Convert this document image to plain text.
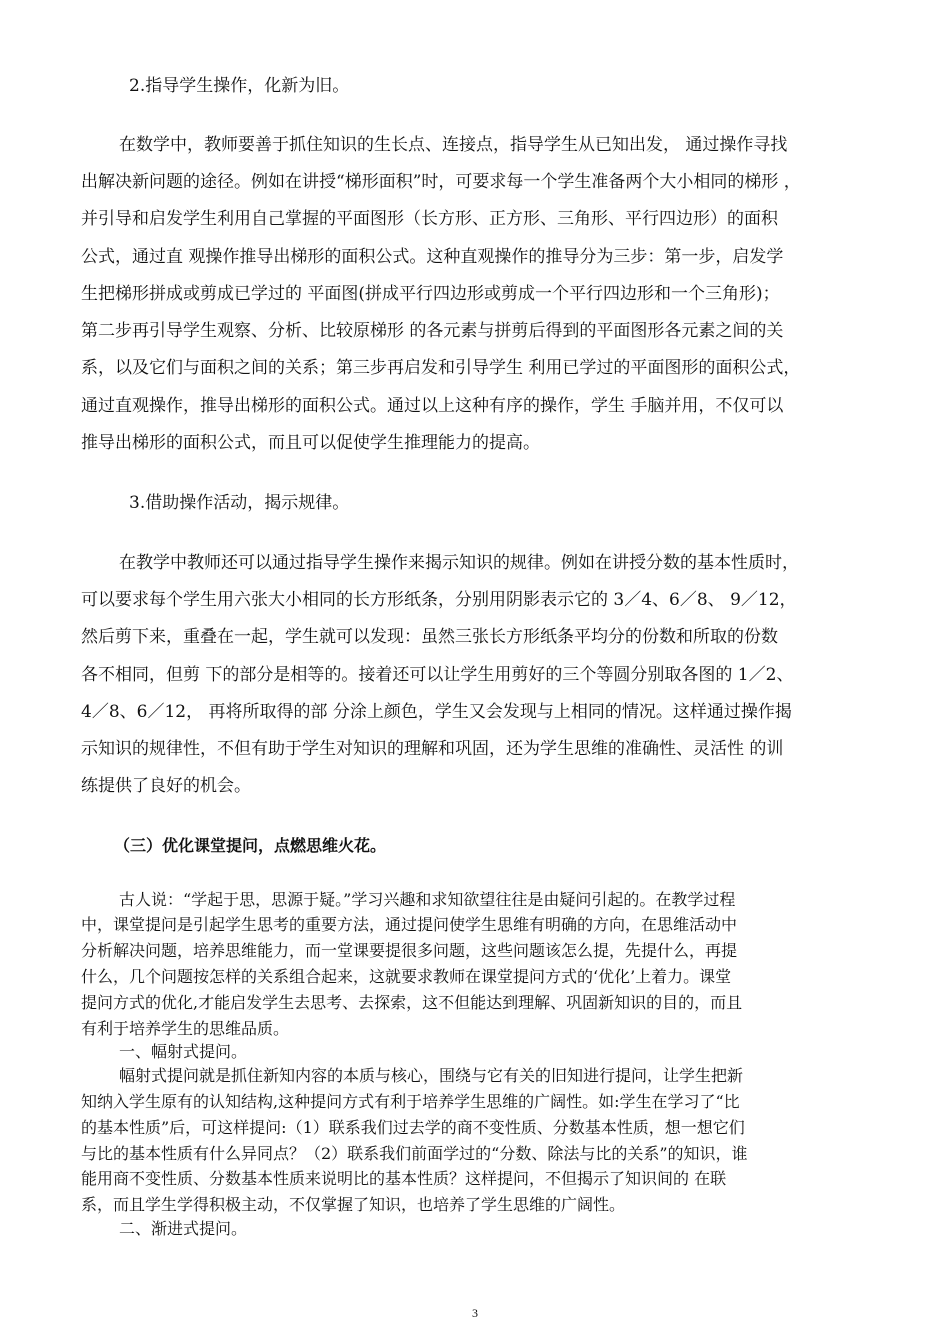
2.指导学生操作，化新为旧。
在数学中，教师要善于抓住知识的生长点、连接点，指导学生从已知出发， 通过操作寻找
出解决新问题的途径。例如在讲授“梯形面积”时，可要求每一个学生准备两个大小相同的梯形 ，
并引导和启发学生利用自己掌握的平面图形（长方形、正方形、三角形、平行四边形）的面积
公式，通过直 观操作推导出梯形的面积公式。这种直观操作的推导分为三步：第一步，启发学
生把梯形拼成或剪成已学过的 平面图(拼成平行四边形或剪成一个平行四边形和一个三角形)；
第二步再引导学生观察、分析、比较原梯形 的各元素与拼剪后得到的平面图形各元素之间的关
系，以及它们与面积之间的关系；第三步再启发和引导学生 利用已学过的平面图形的面积公式，
通过直观操作，推导出梯形的面积公式。通过以上这种有序的操作，学生 手脑并用，不仅可以
推导出梯形的面积公式，而且可以促使学生推理能力的提高。
3.借助操作活动，揭示规律。
在教学中教师还可以通过指导学生操作来揭示知识的规律。例如在讲授分数的基本性质时，
可以要求每个学生用六张大小相同的长方形纸条，分别用阴影表示它的 3／4、6／8、 9／12，
然后剪下来，重叠在一起，学生就可以发现：虽然三张长方形纸条平均分的份数和所取的份数
各不相同，但剪 下的部分是相等的。接着还可以让学生用剪好的三个等圆分别取各图的 1／2、
4／8、6／12， 再将所取得的部 分涂上颜色，学生又会发现与上相同的情况。这样通过操作揭
示知识的规律性，不但有助于学生对知识的理解和巩固，还为学生思维的准确性、灵活性 的训
练提供了良好的机会。
（三）优化课堂提问，点燃思维火花。
古人说：“学起于思，思源于疑。”学习兴趣和求知欲望往往是由疑问引起的。在教学过程
中，课堂提问是引起学生思考的重要方法，通过提问使学生思维有明确的方向，在思维活动中
分析解决问题，培养思维能力，而一堂课要提很多问题，这些问题该怎么提，先提什么，再提
什么，几个问题按怎样的关系组合起来，这就要求教师在课堂提问方式的‘优化’上着力。课堂
提问方式的优化,才能启发学生去思考、去探索，这不但能达到理解、巩固新知识的目的，而且
有利于培养学生的思维品质。
一、幅射式提问。
幅射式提问就是抓住新知内容的本质与核心，围绕与它有关的旧知进行提问，让学生把新
知纳入学生原有的认知结构,这种提问方式有利于培养学生思维的广阔性。如:学生在学习了“比
的基本性质”后，可这样提问:（1）联系我们过去学的商不变性质、分数基本性质，想一想它们
与比的基本性质有什么异同点？（2）联系我们前面学过的“分数、除法与比的关系”的知识，谁
能用商不变性质、分数基本性质来说明比的基本性质？这样提问，不但揭示了知识间的 在联
系，而且学生学得积极主动，不仅掌握了知识，也培养了学生思维的广阔性。
二、渐进式提问。
3
